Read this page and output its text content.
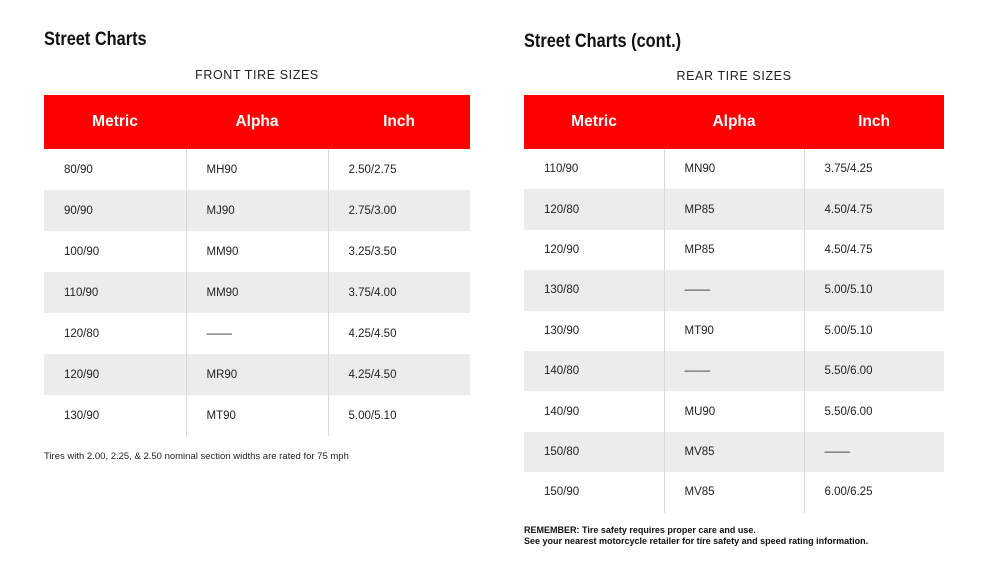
Street Charts
FRONT TIRE SIZES
Metric	Alpha	Inch
80/90	MH90	2.50/2.75
90/90	MJ90	2.75/3.00
100/90	MM90	3.25/3.50
110/90	MM90	3.75/4.00
120/80	––––	4.25/4.50
120/90	MR90	4.25/4.50
130/90	MT90	5.00/5.10
Tires with 2.00, 2.25, & 2.50 nominal section widths are rated for 75 mph
Street Charts (cont.)
REAR TIRE SIZES
Metric	Alpha	Inch
110/90	MN90	3.75/4.25
120/80	MP85	4.50/4.75
120/90	MP85	4.50/4.75
130/80	––––	5.00/5.10
130/90	MT90	5.00/5.10
140/80	––––	5.50/6.00
140/90	MU90	5.50/6.00
150/80	MV85	––––
150/90	MV85	6.00/6.25
REMEMBER: Tire safety requires proper care and use.
See your nearest motorcycle retailer for tire safety and speed rating information.
